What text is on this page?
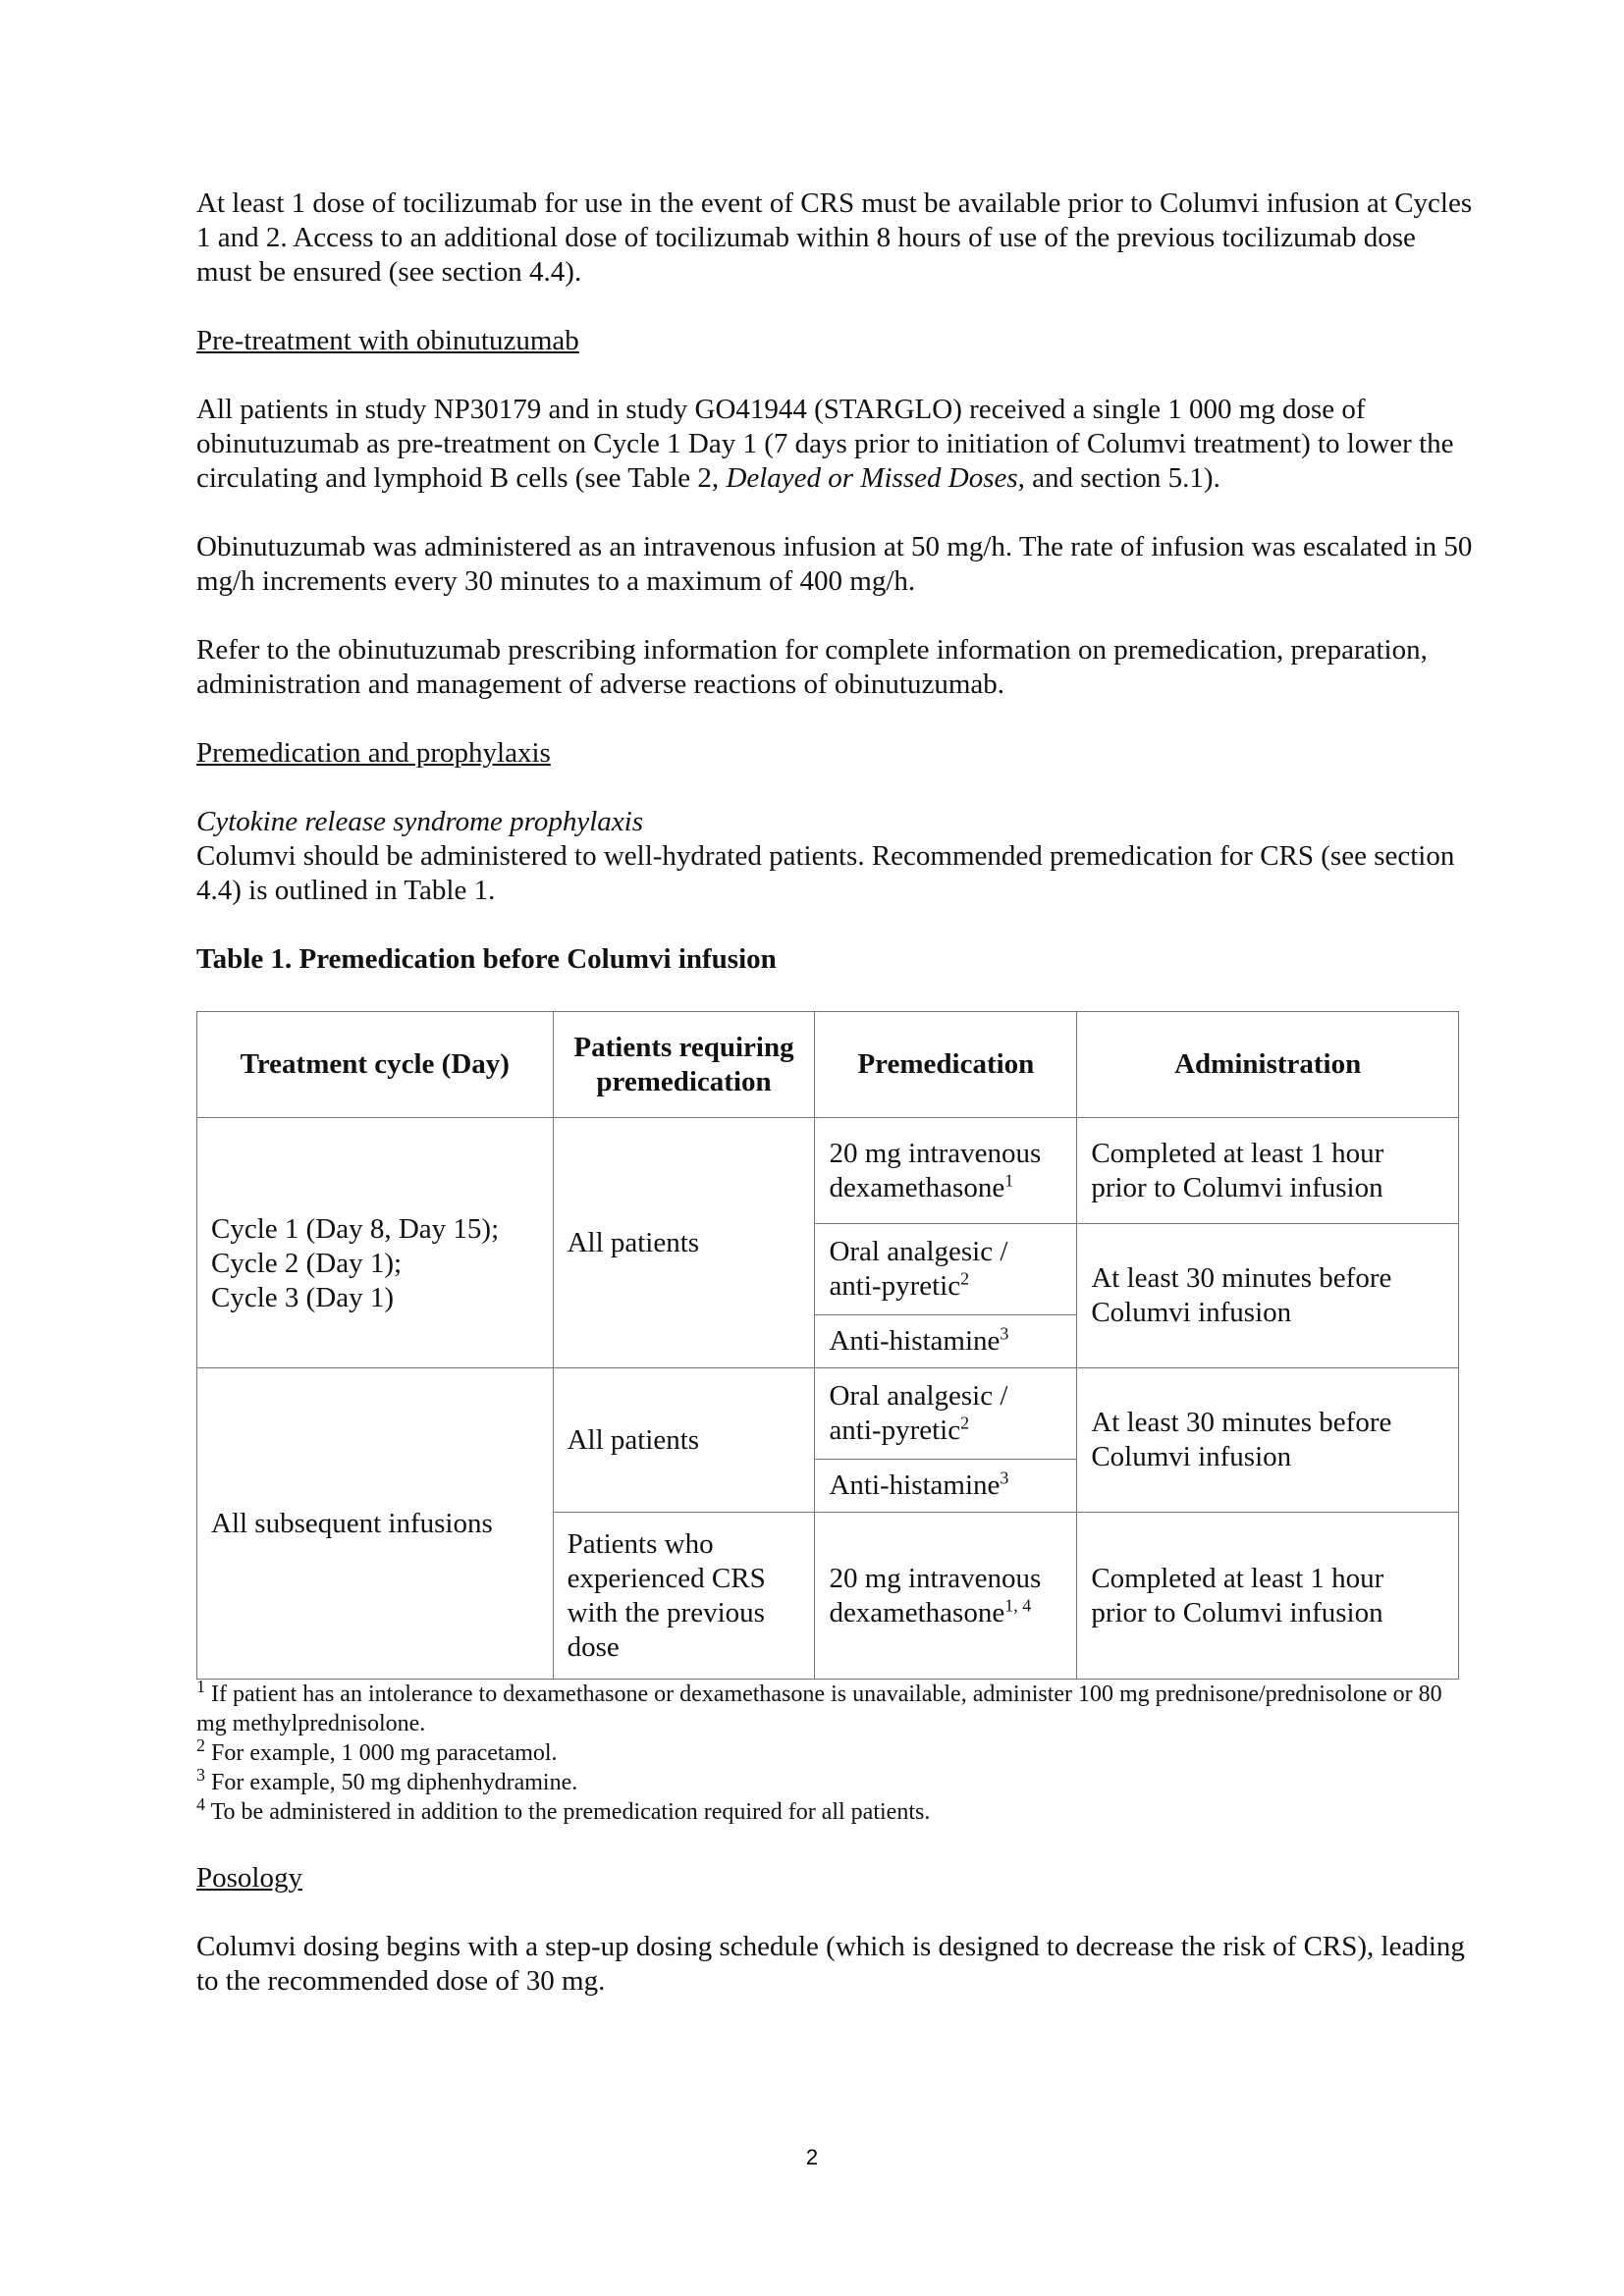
At least 1 dose of tocilizumab for use in the event of CRS must be available prior to Columvi infusion at Cycles 1 and 2. Access to an additional dose of tocilizumab within 8 hours of use of the previous tocilizumab dose must be ensured (see section 4.4).

Pre-treatment with obinutuzumab

All patients in study NP30179 and in study GO41944 (STARGLO) received a single 1 000 mg dose of obinutuzumab as pre-treatment on Cycle 1 Day 1 (7 days prior to initiation of Columvi treatment) to lower the circulating and lymphoid B cells (see Table 2, Delayed or Missed Doses, and section 5.1).

Obinutuzumab was administered as an intravenous infusion at 50 mg/h. The rate of infusion was escalated in 50 mg/h increments every 30 minutes to a maximum of 400 mg/h.

Refer to the obinutuzumab prescribing information for complete information on premedication, preparation, administration and management of adverse reactions of obinutuzumab.

Premedication and prophylaxis
Cytokine release syndrome prophylaxis

Columvi should be administered to well-hydrated patients. Recommended premedication for CRS (see section 4.4) is outlined in Table 1.

Table 1. Premedication before Columvi infusion
Treatment cycle (Day)	Patients requiring premedication	Premedication	Administration

Cycle 1 (Day 8, Day 15);
Cycle 2 (Day 1);
Cycle 3 (Day 1)	All patients	20 mg intravenous dexamethasone$^1$	Completed at least 1 hour prior to Columvi infusion
		Oral analgesic / anti-pyretic$^2$	At least 30 minutes before Columvi infusion
		Anti-histamine$^3$
All subsequent infusions	All patients	Oral analgesic / anti-pyretic$^2$	At least 30 minutes before Columvi infusion
		Anti-histamine$^3$
	Patients who experienced CRS with the previous dose	20 mg intravenous dexamethasone$^{1, 4}$	Completed at least 1 hour prior to Columvi infusion

$^1$ If patient has an intolerance to dexamethasone or dexamethasone is unavailable, administer 100 mg prednisone/prednisolone or 80 mg methylprednisolone.

$^2$ For example, 1 000 mg paracetamol.

$^3$ For example, 50 mg diphenhydramine.

$^4$ To be administered in addition to the premedication required for all patients.

Posology

Columvi dosing begins with a step-up dosing schedule (which is designed to decrease the risk of CRS), leading to the recommended dose of 30 mg.

2
